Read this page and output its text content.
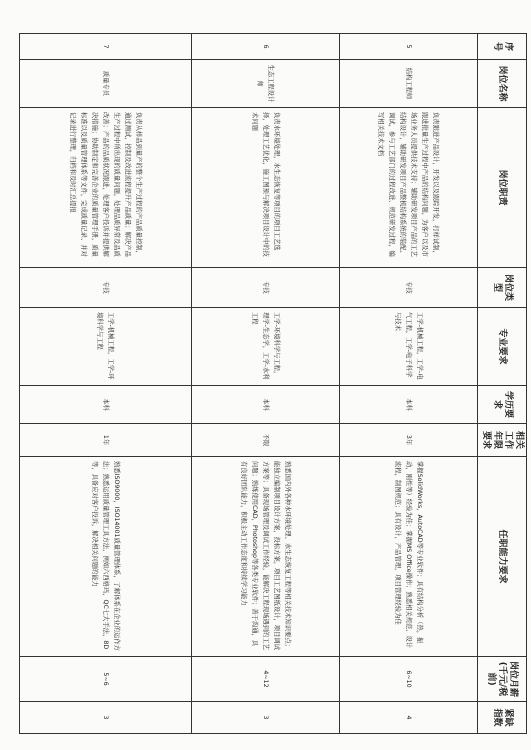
序号	岗位名称	岗位职责	岗位类型	专业要求	学历要求	相关工作年限要求	任职能力要求	岗位月薪(千元/税前)	紧缺指数
5	结构工程师	负责跟进产品设计，开发以及跟踪开发，打样试制，跟进批量生产过程中产品的结构问题，为客户以及市场业务人员提供技术支持；辅助研发项目产品的工艺结构设计，辅助研发项目产品整机结构系统的装配、调试，参与工艺部门的过程改进、规范研发过程，编写相关技术文档	专技	工学-机械工程，工学-电气工程，工学-电子科学与技术	本科	3年	掌握SolidWorks，AutoCAD等专业软件；具有结构分析（热，振动，刚性等）经验为佳；掌握MS Office操作；熟悉相关规范、设计流程，制图规范；具有设计，产品管理，项目管理经验为佳	6~10	4
6	生态工程设计师	负责水环境处理，水生态恢复等项目的项目工艺选择，处理工艺优化，施工图预与解决项目设计中的技术问题	专技	工学-环境科学与工程，理学-生态学，工学-水利工程	本科	不限	熟悉国内外各种水环境处理、水生态恢复工程等相关技术知识要点；能独立编制项目设计方案，投标方案，项目工艺图纸设计，项目调试方案等；具备现场管理及调试工作经验，能解决工程现场遇到的工艺问题；熟练使用CAD，Photoshop等各类专业软件；善于沟通，具有良好团队能力，积极主动工作态度和持续学习能力	4~12	3
7	质量专员	负责从样品到量产的整个生产过程的产品质量控制，通过测试，控制及改进流程提升产品质量；解决产品生产过程中所出现的质量问题，处理品质异常及品质改善；产品的品质状况跟进，处理客户投诉并提供解决措施；协助制定和完善企业的质量管理手册，质量标准以及质量管理体系等文件，完成质量记录、并对记录进行整理，归档和及时汇总提报	专技	工学-机械工程，工学-环境科学与工程	本科	1年	熟悉ISO9000，ISO14001质量管理体系，了解体系在企业的运作方法；熟悉运用质量管理工具方法，例如六西格玛，QC七大手法，8D等，具备应对客户投诉，解决相关问题的能力	5~6	3
